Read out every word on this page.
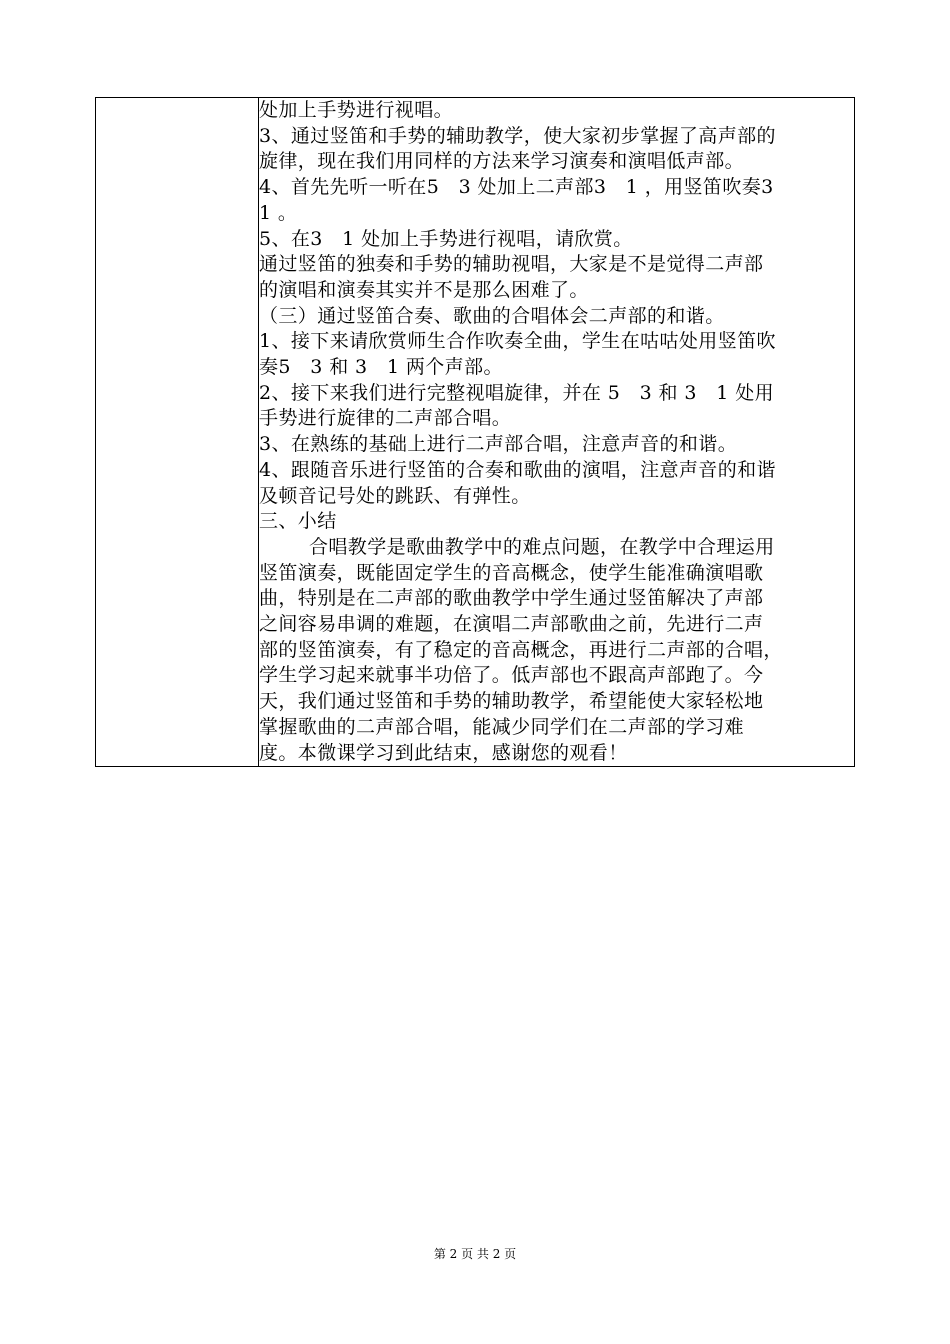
处加上手势进行视唱。
3、通过竖笛和手势的辅助教学，使大家初步掌握了高声部的
旋律，现在我们用同样的方法来学习演奏和演唱低声部。
4、首先先听一听在5　3 处加上二声部3　1 ，用竖笛吹奏3
1 。
5、在3　1 处加上手势进行视唱，请欣赏。
通过竖笛的独奏和手势的辅助视唱，大家是不是觉得二声部
的演唱和演奏其实并不是那么困难了。
（三）通过竖笛合奏、歌曲的合唱体会二声部的和谐。
1、接下来请欣赏师生合作吹奏全曲，学生在咕咕处用竖笛吹
奏5　3 和 3　1 两个声部。
2、接下来我们进行完整视唱旋律，并在 5　3 和 3　1 处用
手势进行旋律的二声部合唱。
3、在熟练的基础上进行二声部合唱，注意声音的和谐。
4、跟随音乐进行竖笛的合奏和歌曲的演唱，注意声音的和谐
及顿音记号处的跳跃、有弹性。
三、小结
合唱教学是歌曲教学中的难点问题，在教学中合理运用
竖笛演奏，既能固定学生的音高概念，使学生能准确演唱歌
曲，特别是在二声部的歌曲教学中学生通过竖笛解决了声部
之间容易串调的难题，在演唱二声部歌曲之前，先进行二声
部的竖笛演奏，有了稳定的音高概念，再进行二声部的合唱，
学生学习起来就事半功倍了。低声部也不跟高声部跑了。今
天，我们通过竖笛和手势的辅助教学，希望能使大家轻松地
掌握歌曲的二声部合唱，能减少同学们在二声部的学习难
度。本微课学习到此结束，感谢您的观看！
第 2 页 共 2 页
